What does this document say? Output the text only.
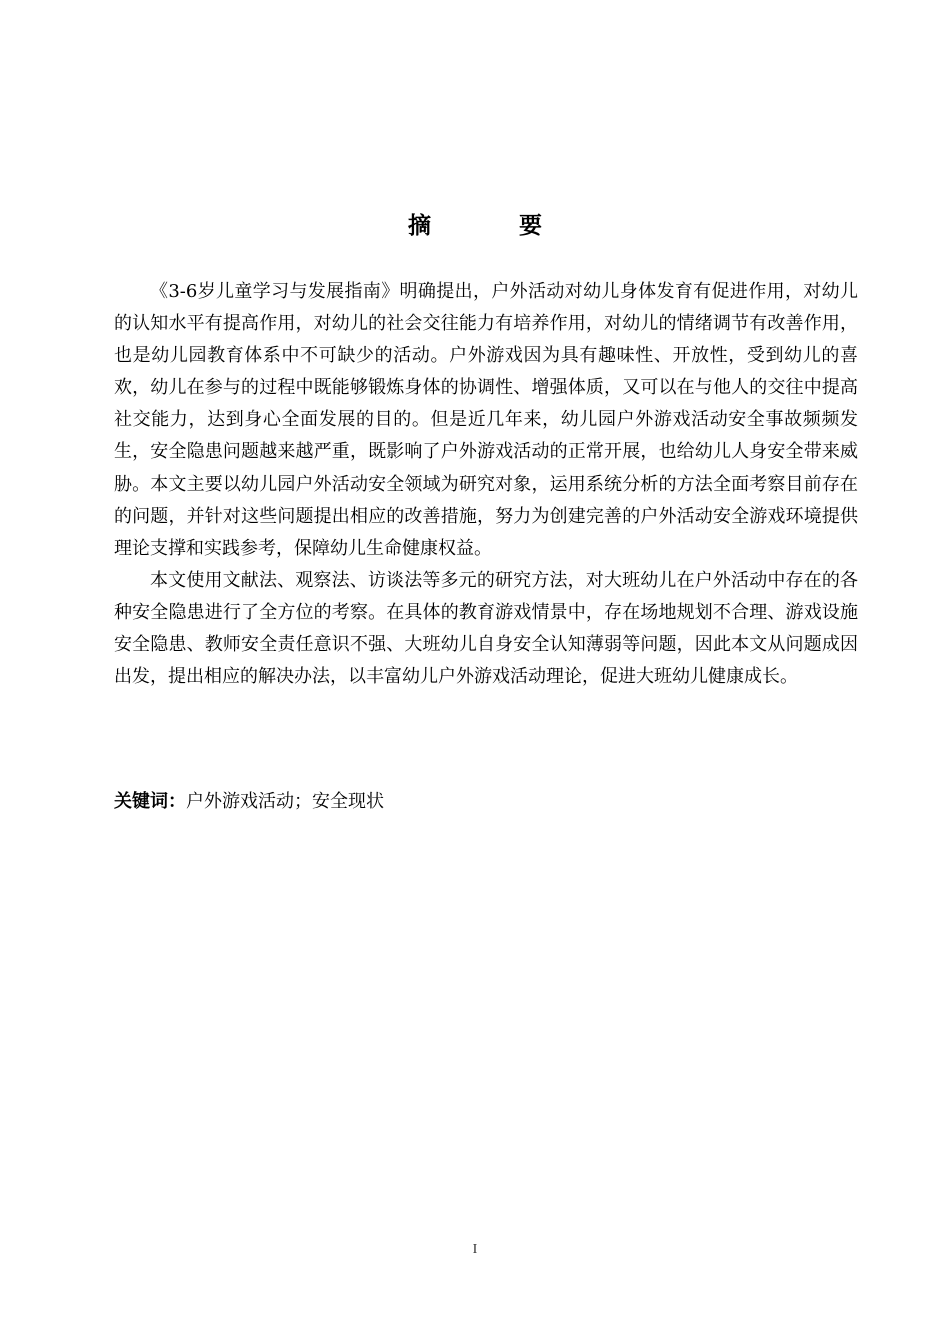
摘 要

《3-6岁儿童学习与发展指南》明确提出，户外活动对幼儿身体发育有促进作用，对幼儿的认知水平有提高作用，对幼儿的社会交往能力有培养作用，对幼儿的情绪调节有改善作用，也是幼儿园教育体系中不可缺少的活动。户外游戏因为具有趣味性、开放性，受到幼儿的喜欢，幼儿在参与的过程中既能够锻炼身体的协调性、增强体质，又可以在与他人的交往中提高社交能力，达到身心全面发展的目的。但是近几年来，幼儿园户外游戏活动安全事故频频发生，安全隐患问题越来越严重，既影响了户外游戏活动的正常开展，也给幼儿人身安全带来威胁。本文主要以幼儿园户外活动安全领域为研究对象，运用系统分析的方法全面考察目前存在的问题，并针对这些问题提出相应的改善措施，努力为创建完善的户外活动安全游戏环境提供理论支撑和实践参考，保障幼儿生命健康权益。

本文使用文献法、观察法、访谈法等多元的研究方法，对大班幼儿在户外活动中存在的各种安全隐患进行了全方位的考察。在具体的教育游戏情景中，存在场地规划不合理、游戏设施安全隐患、教师安全责任意识不强、大班幼儿自身安全认知薄弱等问题，因此本文从问题成因出发，提出相应的解决办法，以丰富幼儿户外游戏活动理论，促进大班幼儿健康成长。

关键词：户外游戏活动；安全现状
I
